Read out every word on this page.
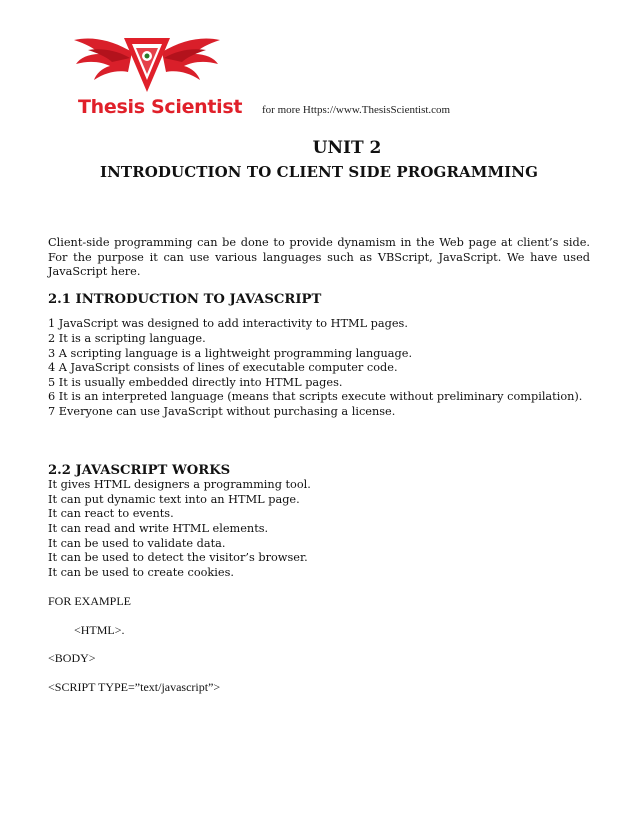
Thesis Scientist for more Https://www.ThesisScientist.com
UNIT 2
INTRODUCTION TO CLIENT SIDE PROGRAMMING

Client-side programming can be done to provide dynamism in the Web page at client’s side. For the purpose it can use various languages such as VBScript, JavaScript. We have used JavaScript here.

2.1 INTRODUCTION TO JAVASCRIPT

1 JavaScript was designed to add interactivity to HTML pages.

2 It is a scripting language.

3 A scripting language is a lightweight programming language.

4 A JavaScript consists of lines of executable computer code.

5 It is usually embedded directly into HTML pages.

6 It is an interpreted language (means that scripts execute without preliminary compilation).

7 Everyone can use JavaScript without purchasing a license.

2.2 JAVASCRIPT WORKS

It gives HTML designers a programming tool.

It can put dynamic text into an HTML page.

It can react to events.

It can read and write HTML elements.

It can be used to validate data.

It can be used to detect the visitor’s browser.

It can be used to create cookies.

FOR EXAMPLE

<HTML>.

<BODY>

<SCRIPT TYPE=”text/javascript”>
